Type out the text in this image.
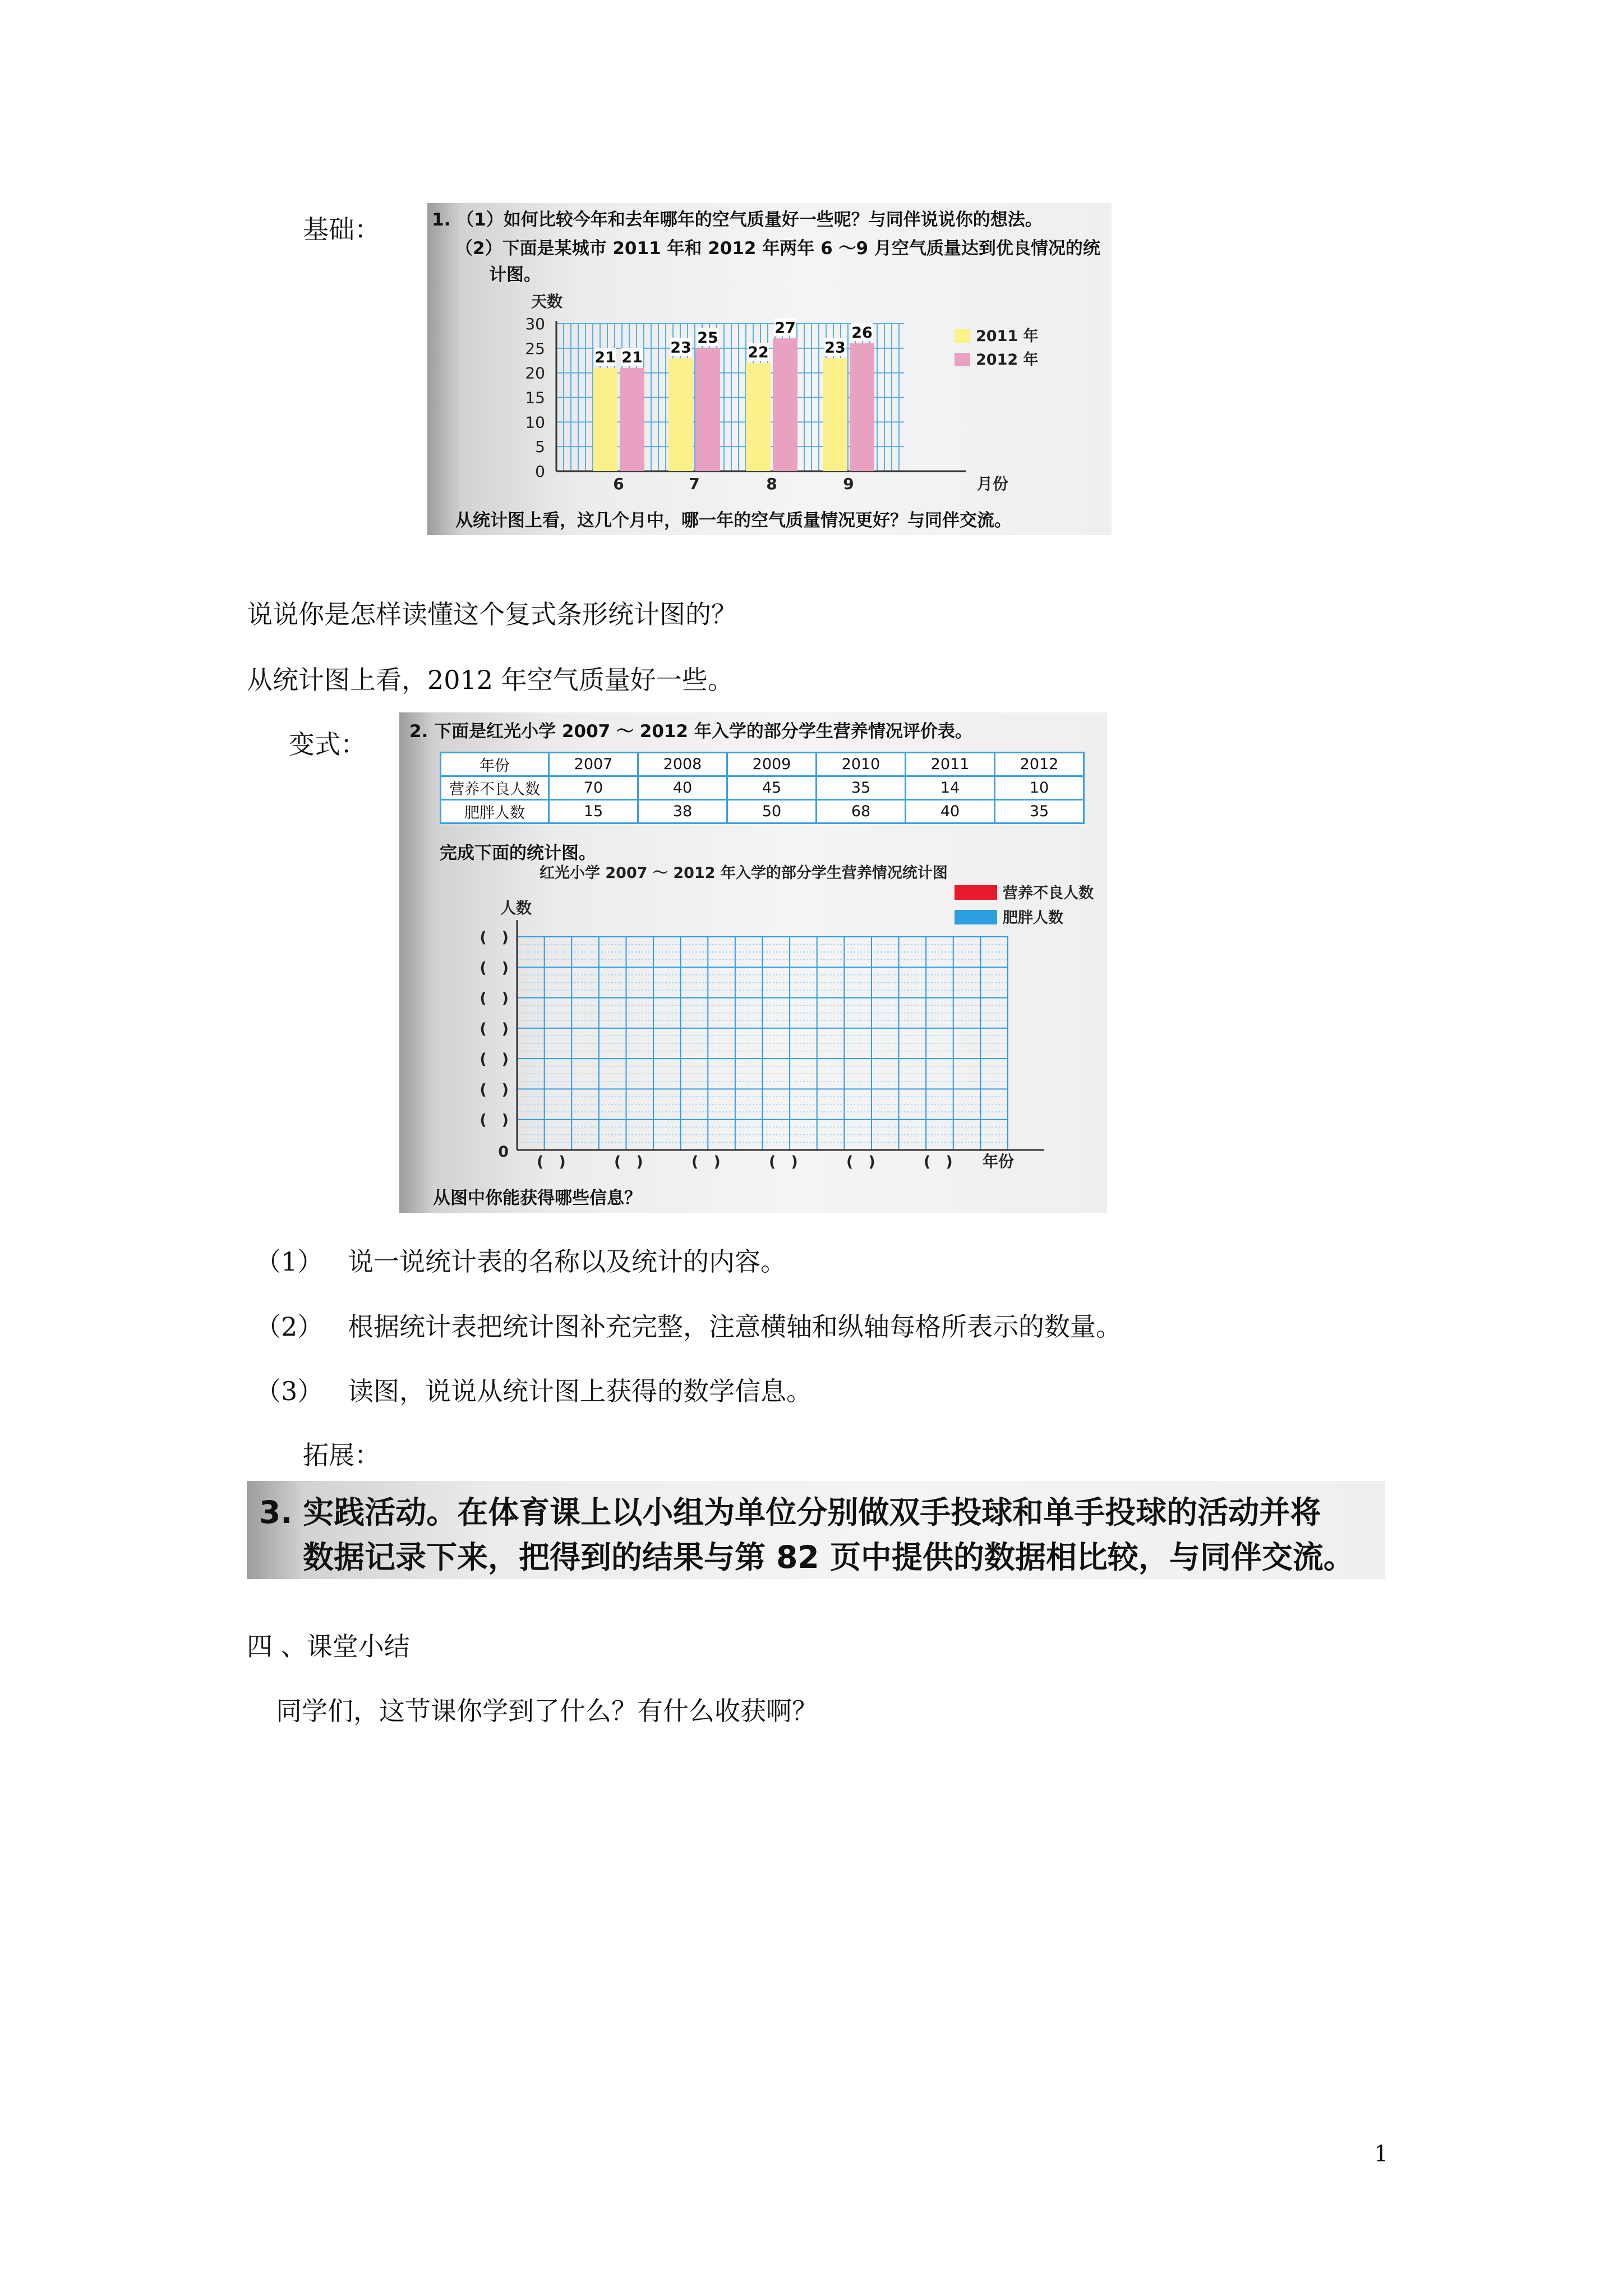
基础：	1. （1）如何比较今年和去年哪年的空气质量好一些呢？与同伴说说你的想法。
（2）下面是某城市 2011 年和 2012 年两年 6 ～9 月空气质量达到优良情况的统
计图。
0
5
10
15
20
25
30
天数
月份
21 21
6
23
25
7
22
27
8
23
26
9
2011 年
2012 年
从统计图上看，这几个月中，哪一年的空气质量情况更好？与同伴交流。
说说你是怎样读懂这个复式条形统计图的？
从统计图上看，2012 年空气质量好一些。
变式： 2. 下面是红光小学 2007 ～ 2012 年入学的部分学生营养情况评价表。
年份	2007	2008	2009	2010	2011	2012
营养不良人数	70	40	45	35	14	10
肥胖人数	15	38	50	68	40	35
完成下面的统计图。
红光小学 2007 ～ 2012 年入学的部分学生营养情况统计图
营养不良人数
肥胖人数
人数
(　)
(　)
(　)
(　)
(　)
(　)
(　)
0
(　)	(　)	(　)	(　)	(　)	(　) 年份
从图中你能获得哪些信息？
（1） 说一说统计表的名称以及统计的内容。
（2） 根据统计表把统计图补充完整，注意横轴和纵轴每格所表示的数量。
（3） 读图，说说从统计图上获得的数学信息。
拓展：
3. 实践活动。在体育课上以小组为单位分别做双手投球和单手投球的活动并将
数据记录下来，把得到的结果与第 82 页中提供的数据相比较，与同伴交流。
四 、课堂小结
同学们，这节课你学到了什么？有什么收获啊？
1
